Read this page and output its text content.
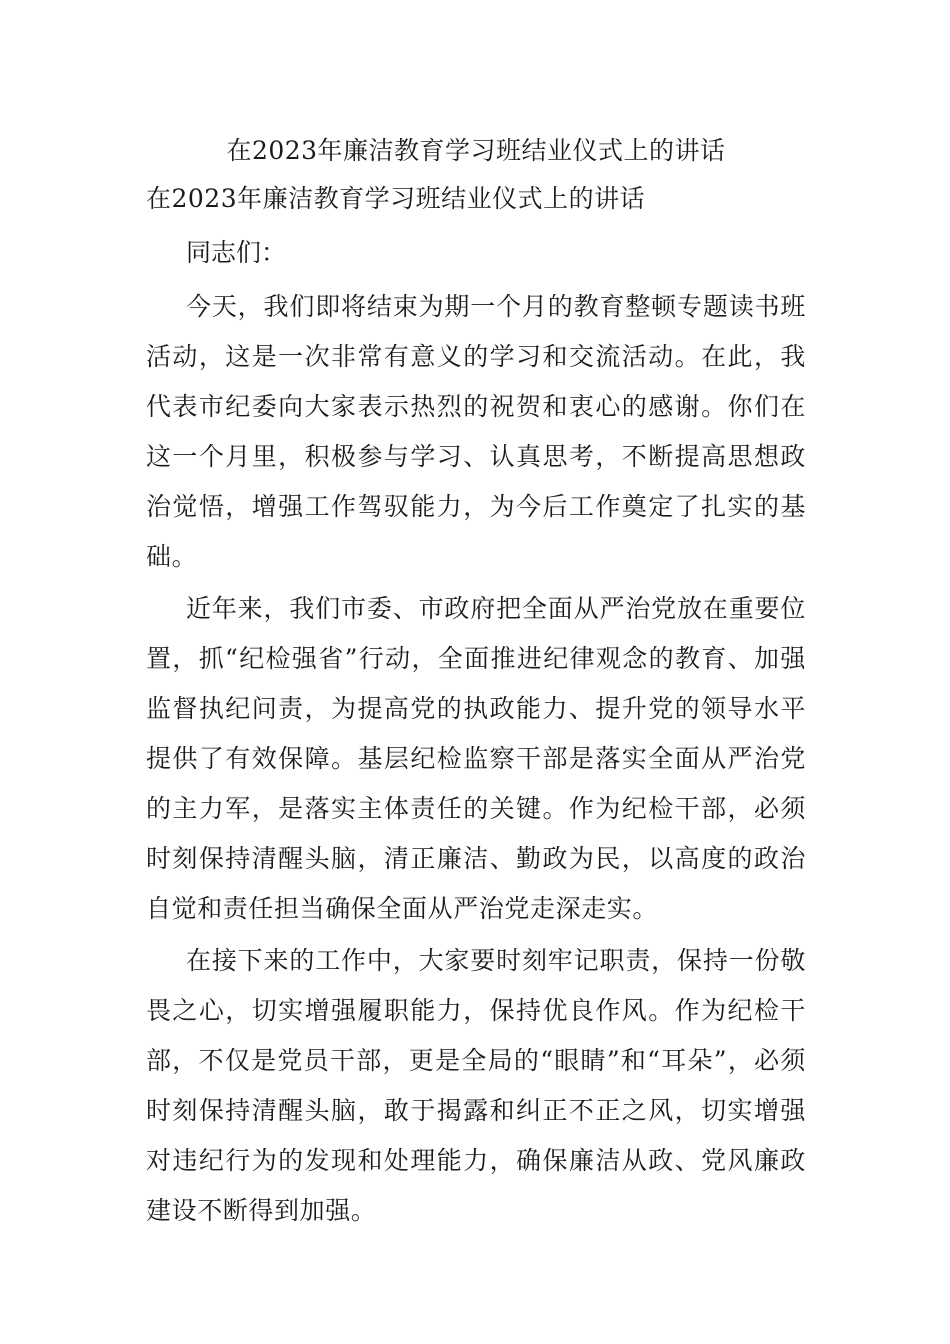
在2023年廉洁教育学习班结业仪式上的讲话

在2023年廉洁教育学习班结业仪式上的讲话

同志们：

今天，我们即将结束为期一个月的教育整顿专题读书班活动，这是一次非常有意义的学习和交流活动。在此，我代表市纪委向大家表示热烈的祝贺和衷心的感谢。你们在这一个月里，积极参与学习、认真思考，不断提高思想政治觉悟，增强工作驾驭能力，为今后工作奠定了扎实的基础。

近年来，我们市委、市政府把全面从严治党放在重要位置，抓“纪检强省”行动，全面推进纪律观念的教育、加强监督执纪问责，为提高党的执政能力、提升党的领导水平提供了有效保障。基层纪检监察干部是落实全面从严治党的主力军，是落实主体责任的关键。作为纪检干部，必须时刻保持清醒头脑，清正廉洁、勤政为民，以高度的政治自觉和责任担当确保全面从严治党走深走实。

在接下来的工作中，大家要时刻牢记职责，保持一份敬畏之心，切实增强履职能力，保持优良作风。作为纪检干部，不仅是党员干部，更是全局的“眼睛”和“耳朵”，必须时刻保持清醒头脑，敢于揭露和纠正不正之风，切实增强对违纪行为的发现和处理能力，确保廉洁从政、党风廉政建设不断得到加强。
